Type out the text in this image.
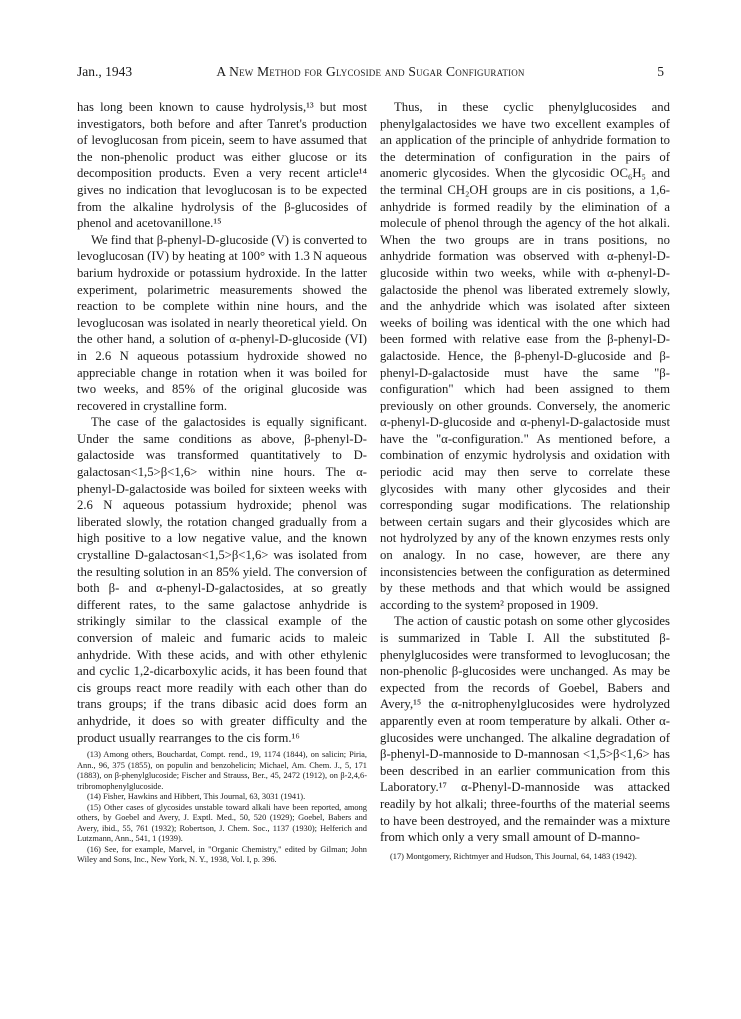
Jan., 1943	A New Method for Glycoside and Sugar Configuration	5

has long been known to cause hydrolysis,¹³ but most investigators, both before and after Tanret's production of levoglucosan from picein, seem to have assumed that the non-phenolic product was either glucose or its decomposition products. Even a very recent article¹⁴ gives no indication that levoglucosan is to be expected from the alkaline hydrolysis of the β-glucosides of phenol and acetovanillone.¹⁵

We find that β-phenyl-D-glucoside (V) is converted to levoglucosan (IV) by heating at 100° with 1.3 N aqueous barium hydroxide or potassium hydroxide. In the latter experiment, polarimetric measurements showed the reaction to be complete within nine hours, and the levoglucosan was isolated in nearly theoretical yield. On the other hand, a solution of α-phenyl-D-glucoside (VI) in 2.6 N aqueous potassium hydroxide showed no appreciable change in rotation when it was boiled for two weeks, and 85% of the original glucoside was recovered in crystalline form.

The case of the galactosides is equally significant. Under the same conditions as above, β-phenyl-D-galactoside was transformed quantitatively to D-galactosan<1,5>β<1,6> within nine hours. The α-phenyl-D-galactoside was boiled for sixteen weeks with 2.6 N aqueous potassium hydroxide; phenol was liberated slowly, the rotation changed gradually from a high positive to a low negative value, and the known crystalline D-galactosan<1,5>β<1,6> was isolated from the resulting solution in an 85% yield. The conversion of both β- and α-phenyl-D-galactosides, at so greatly different rates, to the same galactose anhydride is strikingly similar to the classical example of the conversion of maleic and fumaric acids to maleic anhydride. With these acids, and with other ethylenic and cyclic 1,2-dicarboxylic acids, it has been found that cis groups react more readily with each other than do trans groups; if the trans dibasic acid does form an anhydride, it does so with greater difficulty and the product usually rearranges to the cis form.¹⁶

(13) Among others, Bouchardat, Compt. rend., 19, 1174 (1844), on salicin; Piria, Ann., 96, 375 (1855), on populin and benzohelicin; Michael, Am. Chem. J., 5, 171 (1883), on β-phenylglucoside; Fischer and Strauss, Ber., 45, 2472 (1912), on β-2,4,6-tribromophenylglucoside.

(14) Fisher, Hawkins and Hibbert, This Journal, 63, 3031 (1941).

(15) Other cases of glycosides unstable toward alkali have been reported, among others, by Goebel and Avery, J. Exptl. Med., 50, 520 (1929); Goebel, Babers and Avery, ibid., 55, 761 (1932); Robertson, J. Chem. Soc., 1137 (1930); Helferich and Lutzmann, Ann., 541, 1 (1939).

(16) See, for example, Marvel, in "Organic Chemistry," edited by Gilman; John Wiley and Sons, Inc., New York, N. Y., 1938, Vol. I, p. 396.

Thus, in these cyclic phenylglucosides and phenylgalactosides we have two excellent examples of an application of the principle of anhydride formation to the determination of configuration in the pairs of anomeric glycosides. When the glycosidic OC₆H₅ and the terminal CH₂OH groups are in cis positions, a 1,6-anhydride is formed readily by the elimination of a molecule of phenol through the agency of the hot alkali. When the two groups are in trans positions, no anhydride formation was observed with α-phenyl-D-glucoside within two weeks, while with α-phenyl-D-galactoside the phenol was liberated extremely slowly, and the anhydride which was isolated after sixteen weeks of boiling was identical with the one which had been formed with relative ease from the β-phenyl-D-galactoside. Hence, the β-phenyl-D-glucoside and β-phenyl-D-galactoside must have the same "β-configuration" which had been assigned to them previously on other grounds. Conversely, the anomeric α-phenyl-D-glucoside and α-phenyl-D-galactoside must have the "α-configuration." As mentioned before, a combination of enzymic hydrolysis and oxidation with periodic acid may then serve to correlate these glycosides with many other glycosides and their corresponding sugar modifications. The relationship between certain sugars and their glycosides which are not hydrolyzed by any of the known enzymes rests only on analogy. In no case, however, are there any inconsistencies between the configuration as determined by these methods and that which would be assigned according to the system² proposed in 1909.

The action of caustic potash on some other glycosides is summarized in Table I. All the substituted β-phenylglucosides were transformed to levoglucosan; the non-phenolic β-glucosides were unchanged. As may be expected from the records of Goebel, Babers and Avery,¹⁵ the α-nitrophenylglucosides were hydrolyzed apparently even at room temperature by alkali. Other α-glucosides were unchanged. The alkaline degradation of β-phenyl-D-mannoside to D-mannosan <1,5>β<1,6> has been described in an earlier communication from this Laboratory.¹⁷ α-Phenyl-D-mannoside was attacked readily by hot alkali; three-fourths of the material seems to have been destroyed, and the remainder was a mixture from which only a very small amount of D-manno-

(17) Montgomery, Richtmyer and Hudson, This Journal, 64, 1483 (1942).
